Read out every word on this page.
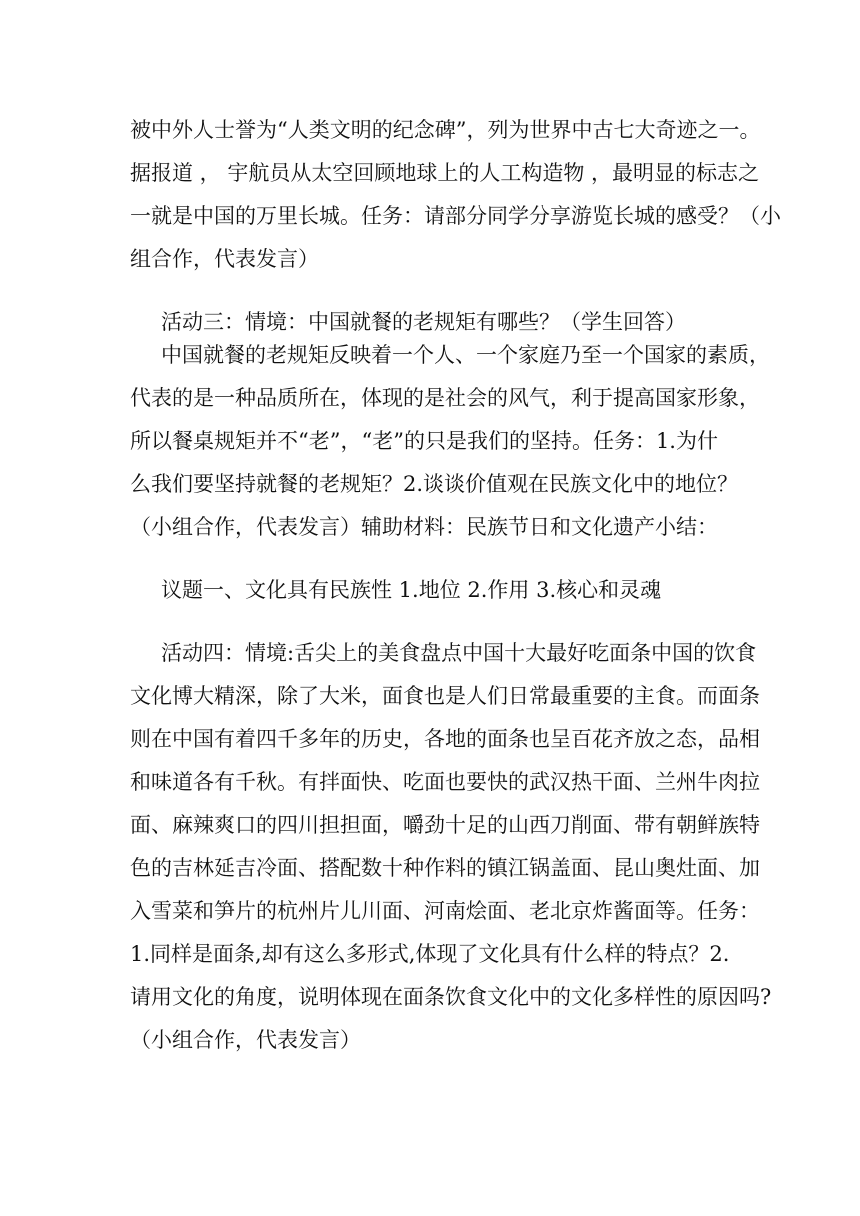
被中外人士誉为“人类文明的纪念碑”，列为世界中古七大奇迹之一。
据报道 ， 宇航员从太空回顾地球上的人工构造物 ，最明显的标志之
一就是中国的万里长城。任务：请部分同学分享游览长城的感受？（小
组合作，代表发言）
活动三：情境：中国就餐的老规矩有哪些？（学生回答）
中国就餐的老规矩反映着一个人、一个家庭乃至一个国家的素质，
代表的是一种品质所在，体现的是社会的风气，利于提高国家形象，
所以餐桌规矩并不“老”，“老”的只是我们的坚持。任务：1.为什
么我们要坚持就餐的老规矩？2.谈谈价值观在民族文化中的地位？
（小组合作，代表发言）辅助材料：民族节日和文化遗产小结：
议题一、文化具有民族性 1.地位 2.作用 3.核心和灵魂
活动四：情境:舌尖上的美食盘点中国十大最好吃面条中国的饮食
文化博大精深，除了大米，面食也是人们日常最重要的主食。而面条
则在中国有着四千多年的历史，各地的面条也呈百花齐放之态，品相
和味道各有千秋。有拌面快、吃面也要快的武汉热干面、兰州牛肉拉
面、麻辣爽口的四川担担面，嚼劲十足的山西刀削面、带有朝鲜族特
色的吉林延吉冷面、搭配数十种作料的镇江锅盖面、昆山奥灶面、加
入雪菜和笋片的杭州片儿川面、河南烩面、老北京炸酱面等。任务：
1.同样是面条,却有这么多形式,体现了文化具有什么样的特点？2.
请用文化的角度，说明体现在面条饮食文化中的文化多样性的原因吗?
（小组合作，代表发言）
